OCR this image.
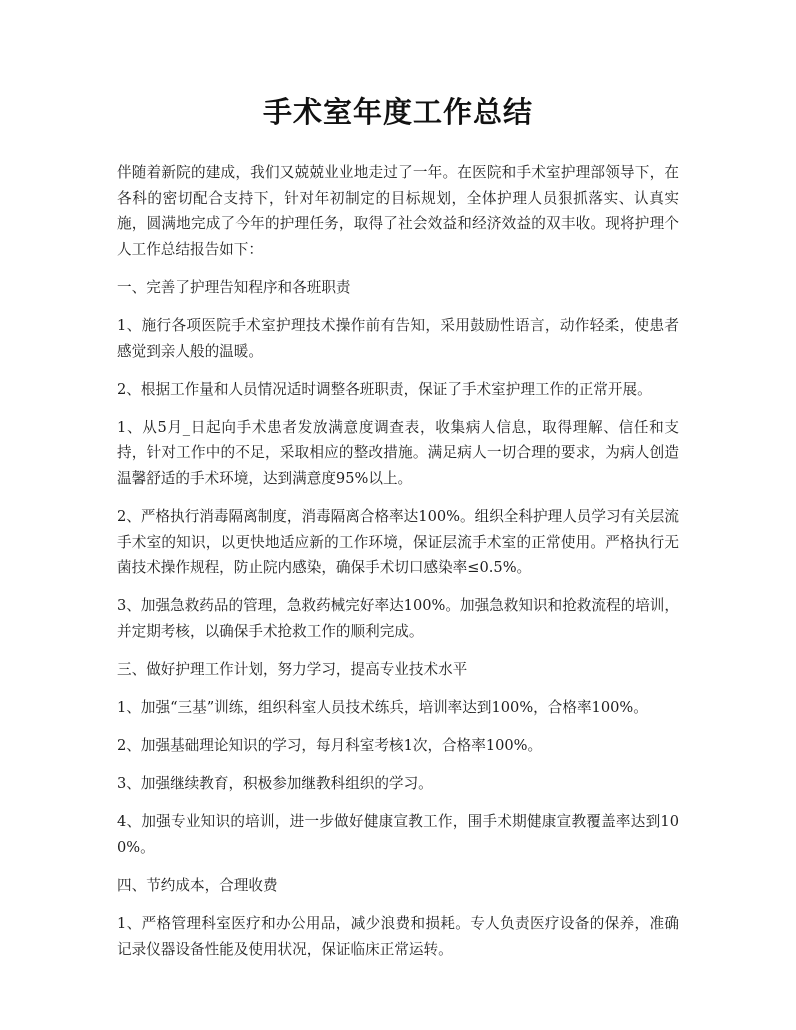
手术室年度工作总结

伴随着新院的建成，我们又兢兢业业地走过了一年。在医院和手术室护理部领导下，在各科的密切配合支持下，针对年初制定的目标规划，全体护理人员狠抓落实、认真实施，圆满地完成了今年的护理任务，取得了社会效益和经济效益的双丰收。现将护理个人工作总结报告如下：

一、完善了护理告知程序和各班职责

1、施行各项医院手术室护理技术操作前有告知，采用鼓励性语言，动作轻柔，使患者感觉到亲人般的温暖。

2、根据工作量和人员情况适时调整各班职责，保证了手术室护理工作的正常开展。

1、从5月_日起向手术患者发放满意度调查表，收集病人信息，取得理解、信任和支持，针对工作中的不足，采取相应的整改措施。满足病人一切合理的要求，为病人创造温馨舒适的手术环境，达到满意度95%以上。

2、严格执行消毒隔离制度，消毒隔离合格率达100%。组织全科护理人员学习有关层流手术室的知识，以更快地适应新的工作环境，保证层流手术室的正常使用。严格执行无菌技术操作规程，防止院内感染，确保手术切口感染率≤0.5%。

3、加强急救药品的管理，急救药械完好率达100%。加强急救知识和抢救流程的培训，并定期考核，以确保手术抢救工作的顺利完成。

三、做好护理工作计划，努力学习，提高专业技术水平

1、加强“三基”训练，组织科室人员技术练兵，培训率达到100%，合格率100%。

2、加强基础理论知识的学习，每月科室考核1次，合格率100%。

3、加强继续教育，积极参加继教科组织的学习。

4、加强专业知识的培训，进一步做好健康宣教工作，围手术期健康宣教覆盖率达到100%。

四、节约成本，合理收费

1、严格管理科室医疗和办公用品，减少浪费和损耗。专人负责医疗设备的保养，准确记录仪器设备性能及使用状况，保证临床正常运转。
